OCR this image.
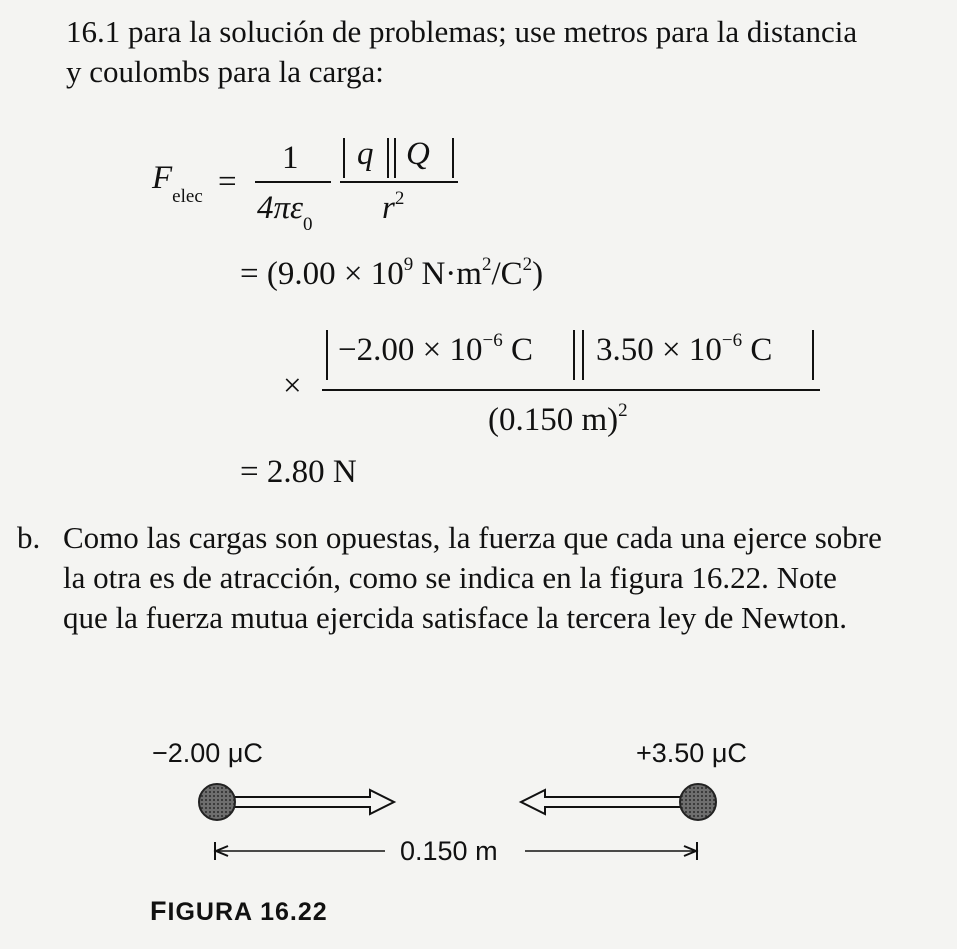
16.1 para la solución de problemas; use metros para la distancia
y coulombs para la carga:
$F_{elec}$ =
1
$4\pi\varepsilon_0$
q Q
$r^2$
= ($9.00 \times 10^9$ $N\cdot m^2/C^2$)
×
$-2.00 \times 10^{-6}$ C $3.50 \times 10^{-6}$ C
(0.150 m)$^2$
= 2.80 N
b. Como las cargas son opuestas, la fuerza que cada una ejerce sobre
la otra es de atracción, como se indica en la figura 16.22. Note
que la fuerza mutua ejercida satisface la tercera ley de Newton.
−2.00 μC	+3.50 μC
0.150 m
FIGURA 16.22
